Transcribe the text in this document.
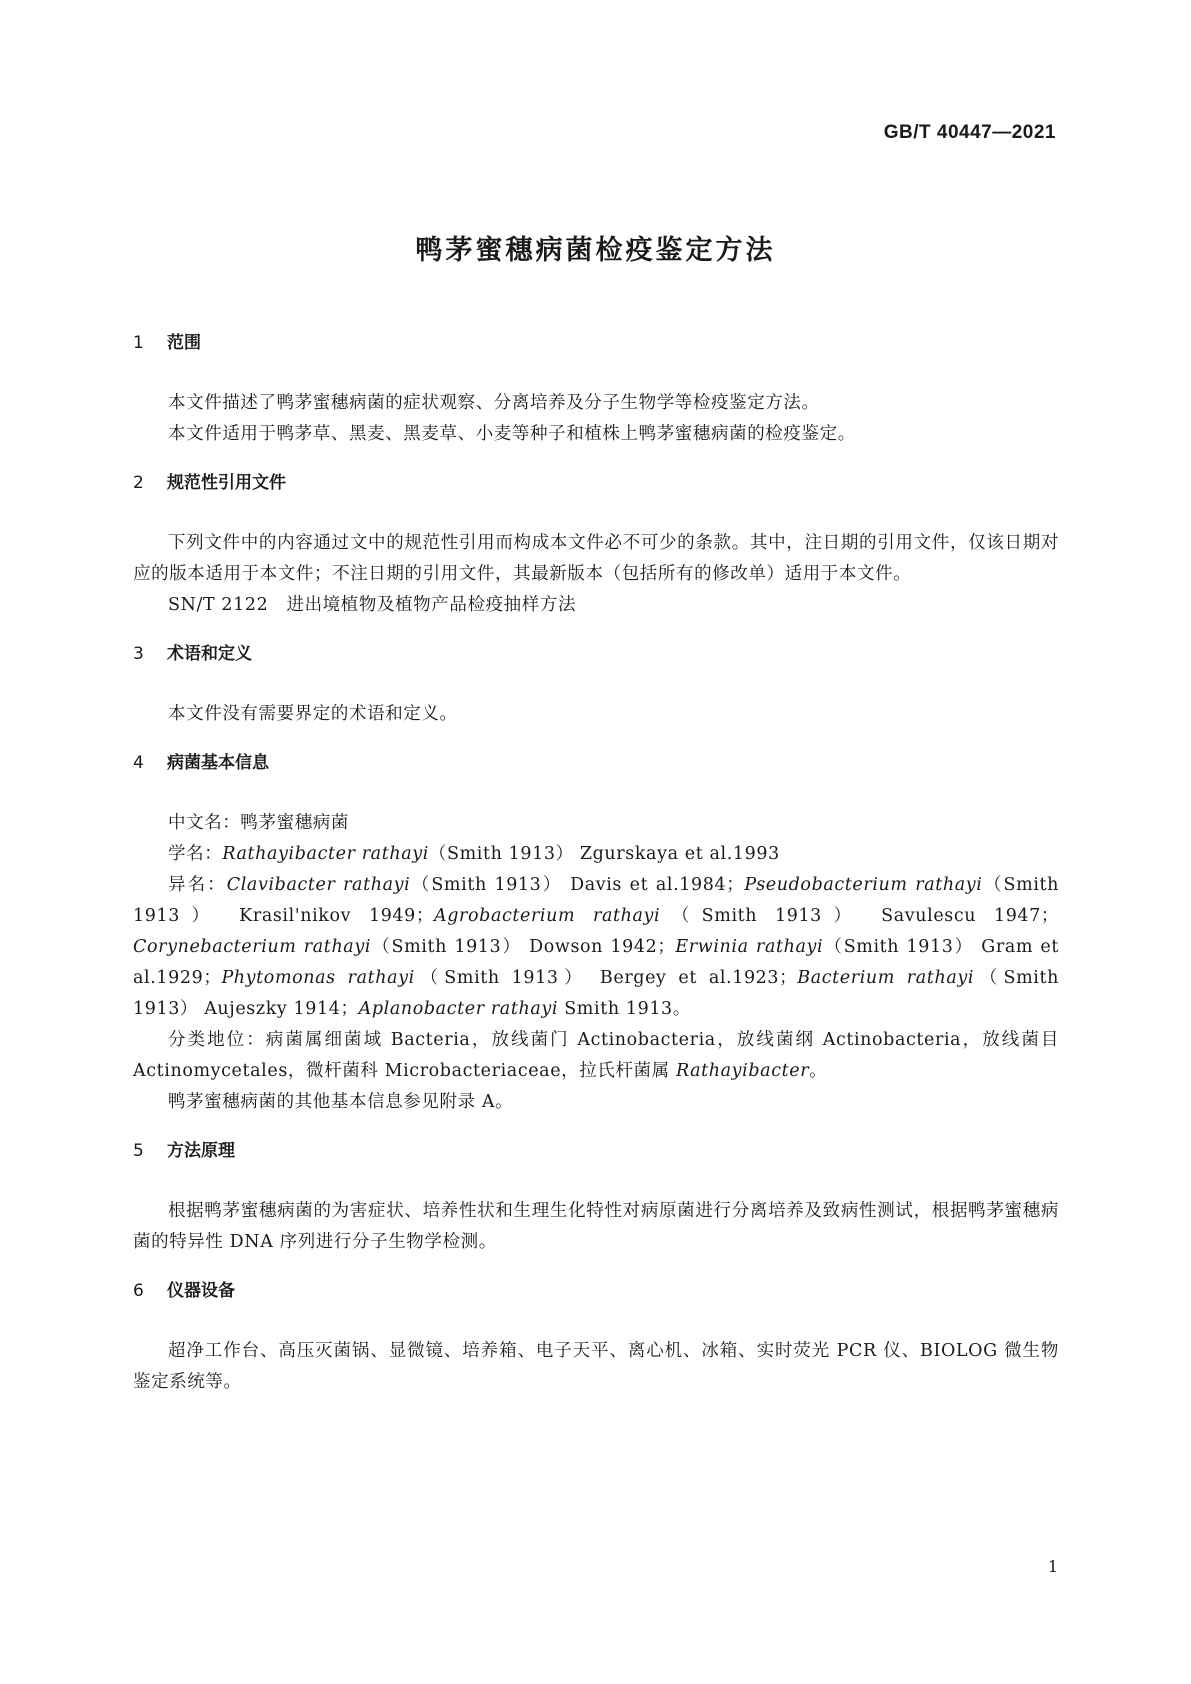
GB/T 40447—2021
鸭茅蜜穗病菌检疫鉴定方法
1 范围

本文件描述了鸭茅蜜穗病菌的症状观察、分离培养及分子生物学等检疫鉴定方法。

本文件适用于鸭茅草、黑麦、黑麦草、小麦等种子和植株上鸭茅蜜穗病菌的检疫鉴定。

2 规范性引用文件

下列文件中的内容通过文中的规范性引用而构成本文件必不可少的条款。其中，注日期的引用文件，仅该日期对应的版本适用于本文件；不注日期的引用文件，其最新版本（包括所有的修改单）适用于本文件。

SN/T 2122　进出境植物及植物产品检疫抽样方法

3 术语和定义

本文件没有需要界定的术语和定义。

4 病菌基本信息

中文名：鸭茅蜜穗病菌

学名：Rathayibacter rathayi（Smith 1913） Zgurskaya et al.1993

异名：Clavibacter rathayi（Smith 1913） Davis et al.1984；Pseudobacterium rathayi（Smith 1913） Krasil'nikov 1949；Agrobacterium rathayi（Smith 1913） Savulescu 1947；Corynebacterium rathayi（Smith 1913） Dowson 1942；Erwinia rathayi（Smith 1913） Gram et al.1929；Phytomonas rathayi（Smith 1913） Bergey et al.1923；Bacterium rathayi（Smith 1913） Aujeszky 1914；Aplanobacter rathayi Smith 1913。

分类地位：病菌属细菌域 Bacteria，放线菌门 Actinobacteria，放线菌纲 Actinobacteria，放线菌目 Actinomycetales，微杆菌科 Microbacteriaceae，拉氏杆菌属 Rathayibacter。

鸭茅蜜穗病菌的其他基本信息参见附录 A。

5 方法原理

根据鸭茅蜜穗病菌的为害症状、培养性状和生理生化特性对病原菌进行分离培养及致病性测试，根据鸭茅蜜穗病菌的特异性 DNA 序列进行分子生物学检测。

6 仪器设备

超净工作台、高压灭菌锅、显微镜、培养箱、电子天平、离心机、冰箱、实时荧光 PCR 仪、BIOLOG 微生物鉴定系统等。

1
